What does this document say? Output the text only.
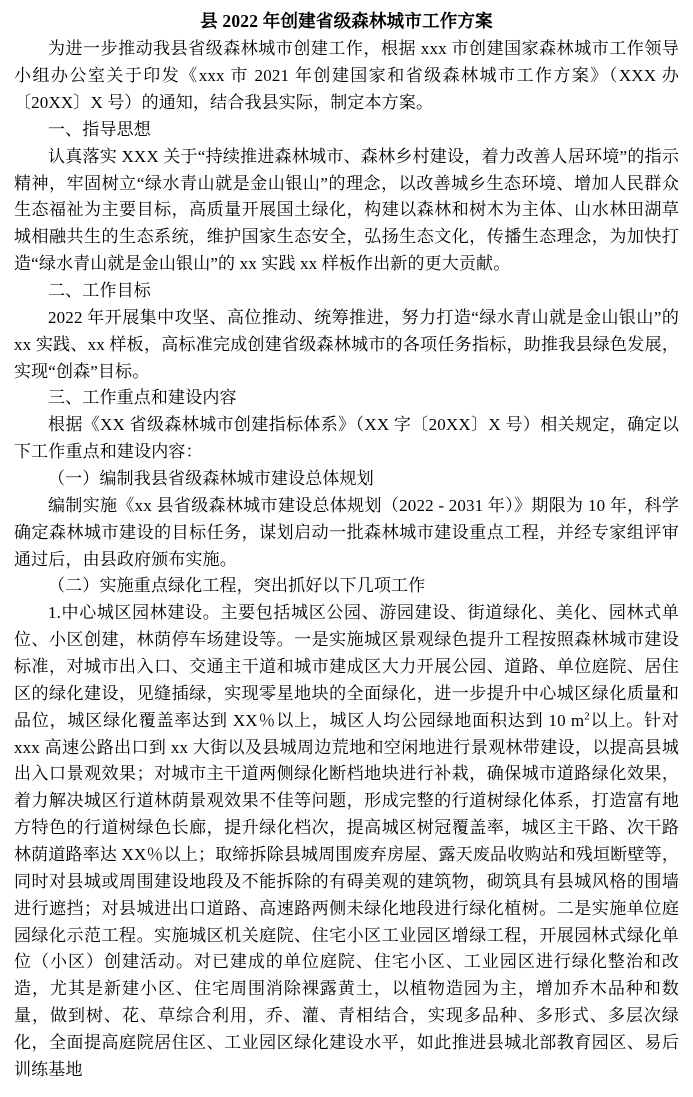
县 2022 年创建省级森林城市工作方案

为进一步推动我县省级森林城市创建工作，根据 xxx 市创建国家森林城市工作领导小组办公室关于印发《xxx 市 2021 年创建国家和省级森林城市工作方案》（XXX 办〔20XX〕X 号）的通知，结合我县实际，制定本方案。

一、指导思想

认真落实 XXX 关于“持续推进森林城市、森林乡村建设，着力改善人居环境”的指示精神，牢固树立“绿水青山就是金山银山”的理念，以改善城乡生态环境、增加人民群众生态福祉为主要目标，高质量开展国土绿化，构建以森林和树木为主体、山水林田湖草城相融共生的生态系统，维护国家生态安全，弘扬生态文化，传播生态理念，为加快打造“绿水青山就是金山银山”的 xx 实践 xx 样板作出新的更大贡献。

二、工作目标

2022 年开展集中攻坚、高位推动、统筹推进，努力打造“绿水青山就是金山银山”的 xx 实践、xx 样板，高标准完成创建省级森林城市的各项任务指标，助推我县绿色发展，实现“创森”目标。

三、工作重点和建设内容

根据《XX 省级森林城市创建指标体系》（XX 字〔20XX〕X 号）相关规定，确定以下工作重点和建设内容：

（一）编制我县省级森林城市建设总体规划

编制实施《xx 县省级森林城市建设总体规划（2022 - 2031 年）》期限为 10 年，科学确定森林城市建设的目标任务，谋划启动一批森林城市建设重点工程，并经专家组评审通过后，由县政府颁布实施。

（二）实施重点绿化工程，突出抓好以下几项工作

1.中心城区园林建设。主要包括城区公园、游园建设、街道绿化、美化、园林式单位、小区创建，林荫停车场建设等。一是实施城区景观绿色提升工程按照森林城市建设标准，对城市出入口、交通主干道和城市建成区大力开展公园、道路、单位庭院、居住区的绿化建设，见缝插绿，实现零星地块的全面绿化，进一步提升中心城区绿化质量和品位，城区绿化覆盖率达到 XX％以上，城区人均公园绿地面积达到 10 $m^2$以上。针对 xxx 高速公路出口到 xx 大街以及县城周边荒地和空闲地进行景观林带建设，以提高县城出入口景观效果；对城市主干道两侧绿化断档地块进行补栽，确保城市道路绿化效果，着力解决城区行道林荫景观效果不佳等问题，形成完整的行道树绿化体系，打造富有地方特色的行道树绿色长廊，提升绿化档次，提高城区树冠覆盖率，城区主干路、次干路林荫道路率达 XX％以上；取缔拆除县城周围废弃房屋、露天废品收购站和残垣断壁等，同时对县城或周围建设地段及不能拆除的有碍美观的建筑物，砌筑具有县城风格的围墙进行遮挡；对县城进出口道路、高速路两侧未绿化地段进行绿化植树。二是实施单位庭园绿化示范工程。实施城区机关庭院、住宅小区工业园区增绿工程，开展园林式绿化单位（小区）创建活动。对已建成的单位庭院、住宅小区、工业园区进行绿化整治和改造，尤其是新建小区、住宅周围消除裸露黄土，以植物造园为主，增加乔木品种和数量，做到树、花、草综合利用，乔、灌、青相结合，实现多品种、多形式、多层次绿化，全面提高庭院居住区、工业园区绿化建设水平，如此推进县城北部教育园区、易后训练基地
